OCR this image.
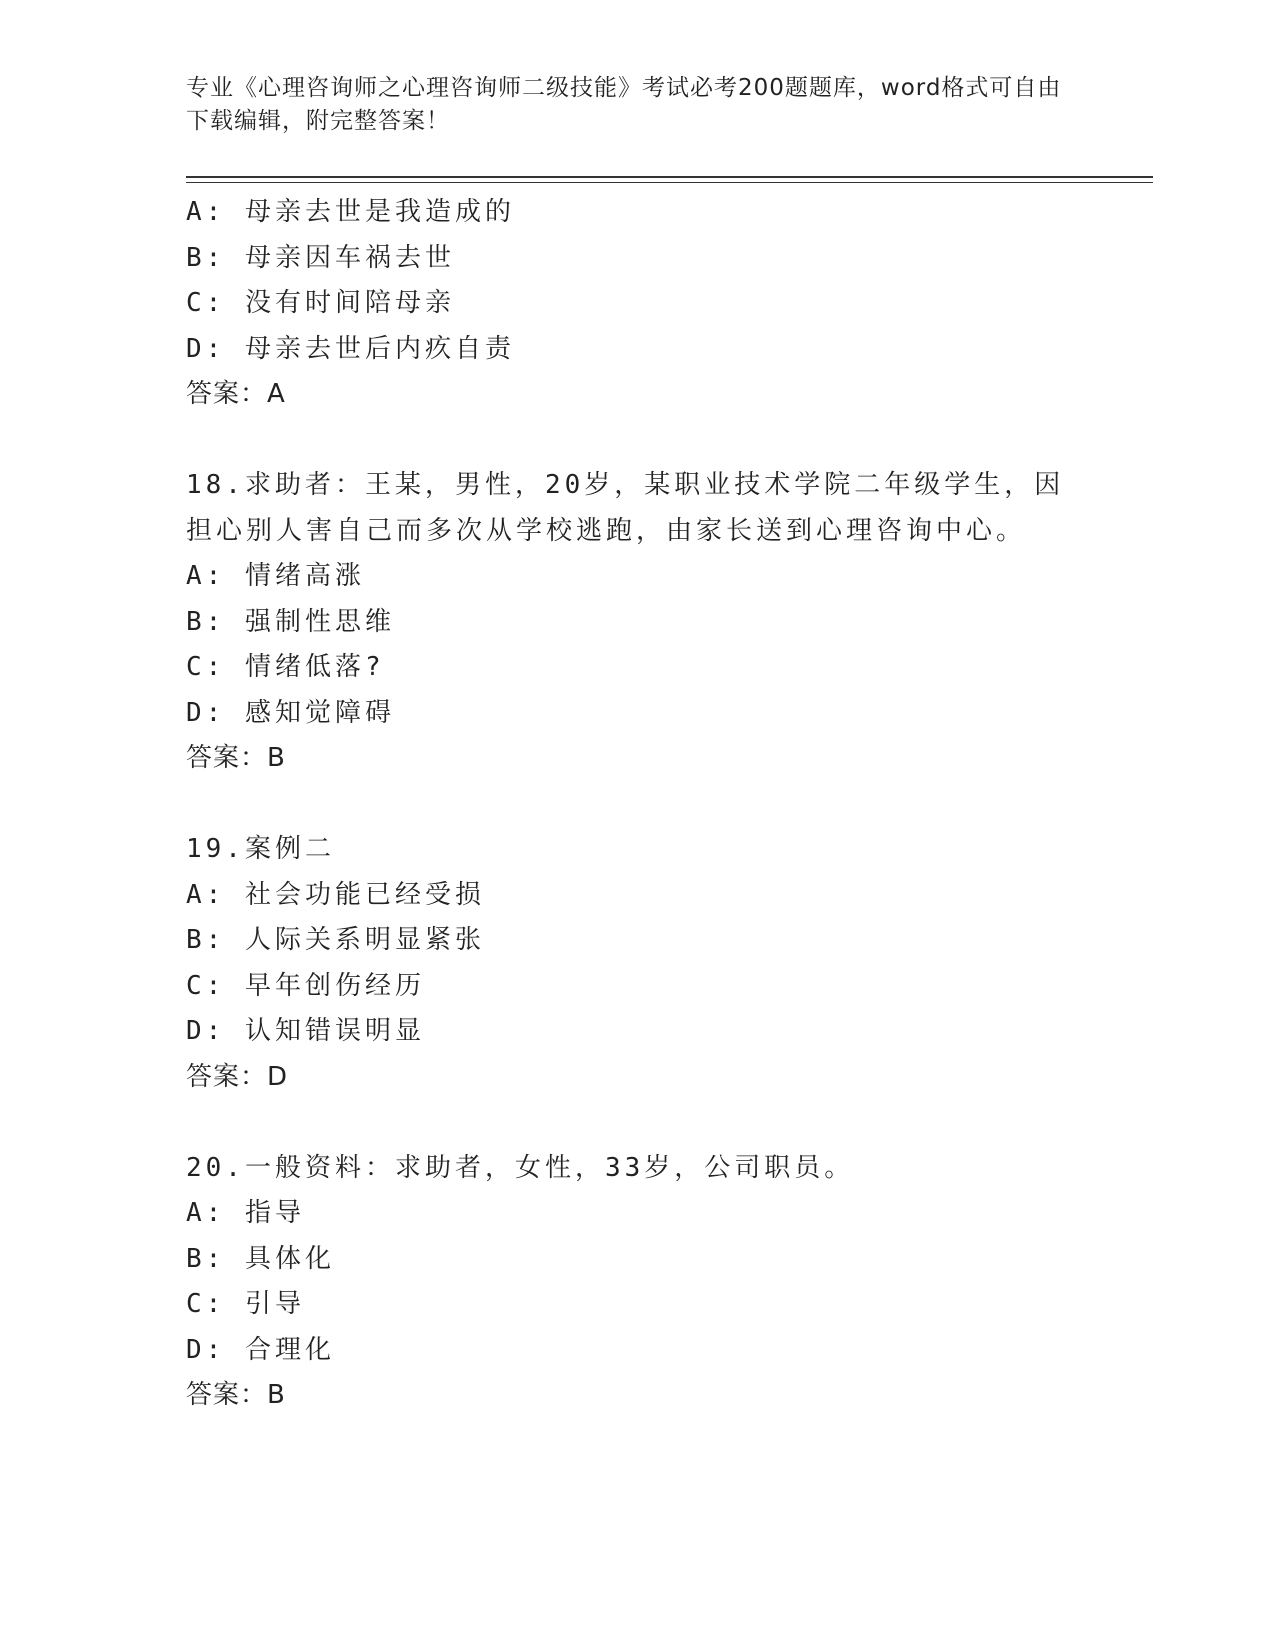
专业《心理咨询师之心理咨询师二级技能》考试必考200题题库，word格式可自由下载编辑，附完整答案！
A: 母亲去世是我造成的
B: 母亲因车祸去世
C: 没有时间陪母亲
D: 母亲去世后内疚自责
答案：A
18.求助者：王某，男性，20岁，某职业技术学院二年级学生，因担心别人害自己而多次从学校逃跑，由家长送到心理咨询中心。
A: 情绪高涨
B: 强制性思维
C: 情绪低落?
D: 感知觉障碍
答案：B
19.案例二
A: 社会功能已经受损
B: 人际关系明显紧张
C: 早年创伤经历
D: 认知错误明显
答案：D
20.一般资料：求助者，女性，33岁，公司职员。
A: 指导
B: 具体化
C: 引导
D: 合理化
答案：B
